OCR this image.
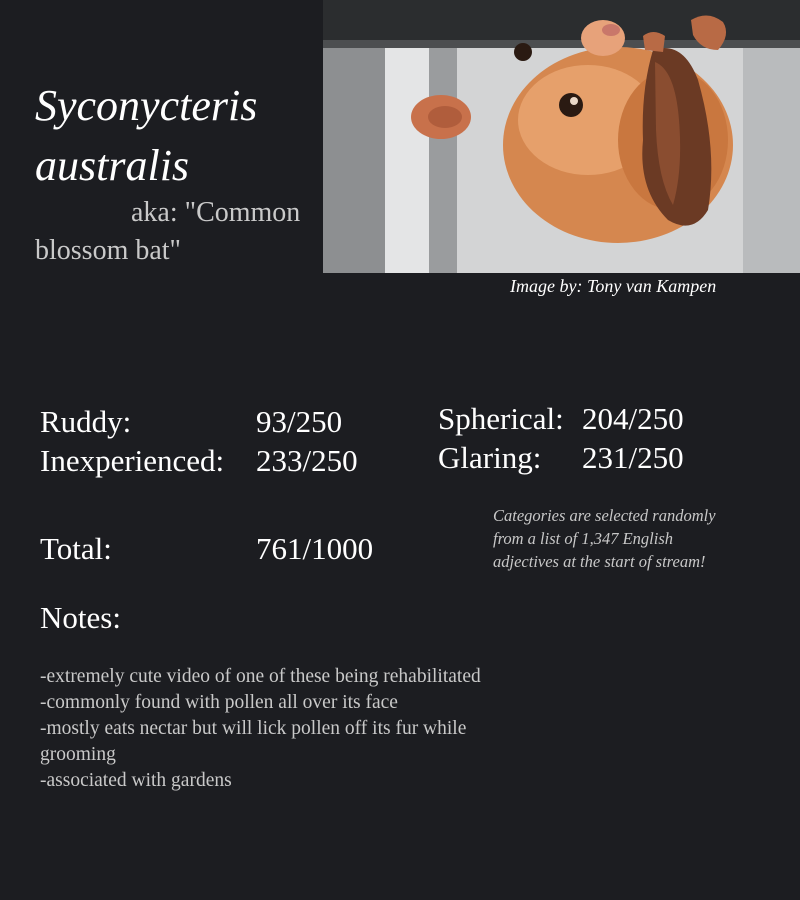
Syconycteris australis
aka: "Common blossom bat"
Image by: Tony van Kampen
Ruddy:	93/250
Inexperienced: 233/250
Spherical: 204/250
Glaring: 231/250
Total:	761/1000
Categories are selected randomly from a list of 1,347 English adjectives at the start of stream!
Notes:
-extremely cute video of one of these being rehabilitated
-commonly found with pollen all over its face
-mostly eats nectar but will lick pollen off its fur while grooming
-associated with gardens
